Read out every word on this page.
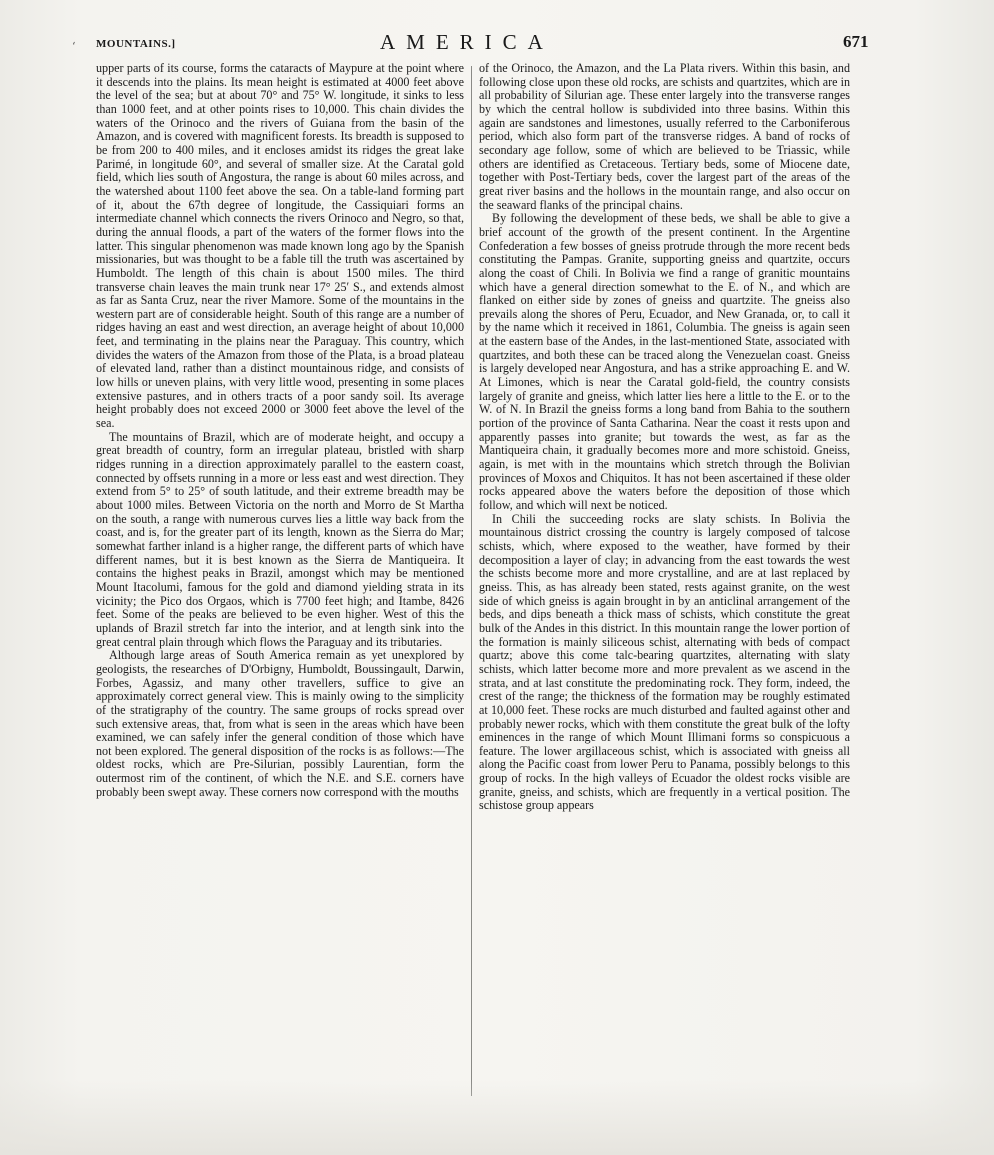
‘ MOUNTAINS.]	AMERICA	671

upper parts of its course, forms the cataracts of Maypure at the point where it descends into the plains. Its mean height is estimated at 4000 feet above the level of the sea; but at about 70° and 75° W. longitude, it sinks to less than 1000 feet, and at other points rises to 10,000. This chain divides the waters of the Orinoco and the rivers of Guiana from the basin of the Amazon, and is covered with magnificent forests. Its breadth is supposed to be from 200 to 400 miles, and it encloses amidst its ridges the great lake Parimé, in longitude 60°, and several of smaller size. At the Caratal gold field, which lies south of Angostura, the range is about 60 miles across, and the watershed about 1100 feet above the sea. On a table-land forming part of it, about the 67th degree of longitude, the Cassiquiari forms an intermediate channel which connects the rivers Orinoco and Negro, so that, during the annual floods, a part of the waters of the former flows into the latter. This singular phenomenon was made known long ago by the Spanish missionaries, but was thought to be a fable till the truth was ascertained by Humboldt. The length of this chain is about 1500 miles. The third transverse chain leaves the main trunk near 17° 25′ S., and extends almost as far as Santa Cruz, near the river Mamore. Some of the mountains in the western part are of considerable height. South of this range are a number of ridges having an east and west direction, an average height of about 10,000 feet, and terminating in the plains near the Paraguay. This country, which divides the waters of the Amazon from those of the Plata, is a broad plateau of elevated land, rather than a distinct mountainous ridge, and consists of low hills or uneven plains, with very little wood, presenting in some places extensive pastures, and in others tracts of a poor sandy soil. Its average height probably does not exceed 2000 or 3000 feet above the level of the sea.

The mountains of Brazil, which are of moderate height, and occupy a great breadth of country, form an irregular plateau, bristled with sharp ridges running in a direction approximately parallel to the eastern coast, connected by offsets running in a more or less east and west direction. They extend from 5° to 25° of south latitude, and their extreme breadth may be about 1000 miles. Between Victoria on the north and Morro de St Martha on the south, a range with numerous curves lies a little way back from the coast, and is, for the greater part of its length, known as the Sierra do Mar; somewhat farther inland is a higher range, the different parts of which have different names, but it is best known as the Sierra de Mantiqueira. It contains the highest peaks in Brazil, amongst which may be mentioned Mount Itacolumi, famous for the gold and diamond yielding strata in its vicinity; the Pico dos Orgaos, which is 7700 feet high; and Itambe, 8426 feet. Some of the peaks are believed to be even higher. West of this the uplands of Brazil stretch far into the interior, and at length sink into the great central plain through which flows the Paraguay and its tributaries.

Although large areas of South America remain as yet unexplored by geologists, the researches of D'Orbigny, Humboldt, Boussingault, Darwin, Forbes, Agassiz, and many other travellers, suffice to give an approximately correct general view. This is mainly owing to the simplicity of the stratigraphy of the country. The same groups of rocks spread over such extensive areas, that, from what is seen in the areas which have been examined, we can safely infer the general condition of those which have not been explored. The general disposition of the rocks is as follows:—The oldest rocks, which are Pre-Silurian, possibly Laurentian, form the outermost rim of the continent, of which the N.E. and S.E. corners have probably been swept away. These corners now correspond with the mouths

of the Orinoco, the Amazon, and the La Plata rivers. Within this basin, and following close upon these old rocks, are schists and quartzites, which are in all probability of Silurian age. These enter largely into the transverse ranges by which the central hollow is subdivided into three basins. Within this again are sandstones and limestones, usually referred to the Carboniferous period, which also form part of the transverse ridges. A band of rocks of secondary age follow, some of which are believed to be Triassic, while others are identified as Cretaceous. Tertiary beds, some of Miocene date, together with Post-Tertiary beds, cover the largest part of the areas of the great river basins and the hollows in the mountain range, and also occur on the seaward flanks of the principal chains.

By following the development of these beds, we shall be able to give a brief account of the growth of the present continent. In the Argentine Confederation a few bosses of gneiss protrude through the more recent beds constituting the Pampas. Granite, supporting gneiss and quartzite, occurs along the coast of Chili. In Bolivia we find a range of granitic mountains which have a general direction somewhat to the E. of N., and which are flanked on either side by zones of gneiss and quartzite. The gneiss also prevails along the shores of Peru, Ecuador, and New Granada, or, to call it by the name which it received in 1861, Columbia. The gneiss is again seen at the eastern base of the Andes, in the last-mentioned State, associated with quartzites, and both these can be traced along the Venezuelan coast. Gneiss is largely developed near Angostura, and has a strike approaching E. and W. At Limones, which is near the Caratal gold-field, the country consists largely of granite and gneiss, which latter lies here a little to the E. or to the W. of N. In Brazil the gneiss forms a long band from Bahia to the southern portion of the province of Santa Catharina. Near the coast it rests upon and apparently passes into granite; but towards the west, as far as the Mantiqueira chain, it gradually becomes more and more schistoid. Gneiss, again, is met with in the mountains which stretch through the Bolivian provinces of Moxos and Chiquitos. It has not been ascertained if these older rocks appeared above the waters before the deposition of those which follow, and which will next be noticed.

In Chili the succeeding rocks are slaty schists. In Bolivia the mountainous district crossing the country is largely composed of talcose schists, which, where exposed to the weather, have formed by their decomposition a layer of clay; in advancing from the east towards the west the schists become more and more crystalline, and are at last replaced by gneiss. This, as has already been stated, rests against granite, on the west side of which gneiss is again brought in by an anticlinal arrangement of the beds, and dips beneath a thick mass of schists, which constitute the great bulk of the Andes in this district. In this mountain range the lower portion of the formation is mainly siliceous schist, alternating with beds of compact quartz; above this come talc-bearing quartzites, alternating with slaty schists, which latter become more and more prevalent as we ascend in the strata, and at last constitute the predominating rock. They form, indeed, the crest of the range; the thickness of the formation may be roughly estimated at 10,000 feet. These rocks are much disturbed and faulted against other and probably newer rocks, which with them constitute the great bulk of the lofty eminences in the range of which Mount Illimani forms so conspicuous a feature. The lower argillaceous schist, which is associated with gneiss all along the Pacific coast from lower Peru to Panama, possibly belongs to this group of rocks. In the high valleys of Ecuador the oldest rocks visible are granite, gneiss, and schists, which are frequently in a vertical position. The schistose group appears
